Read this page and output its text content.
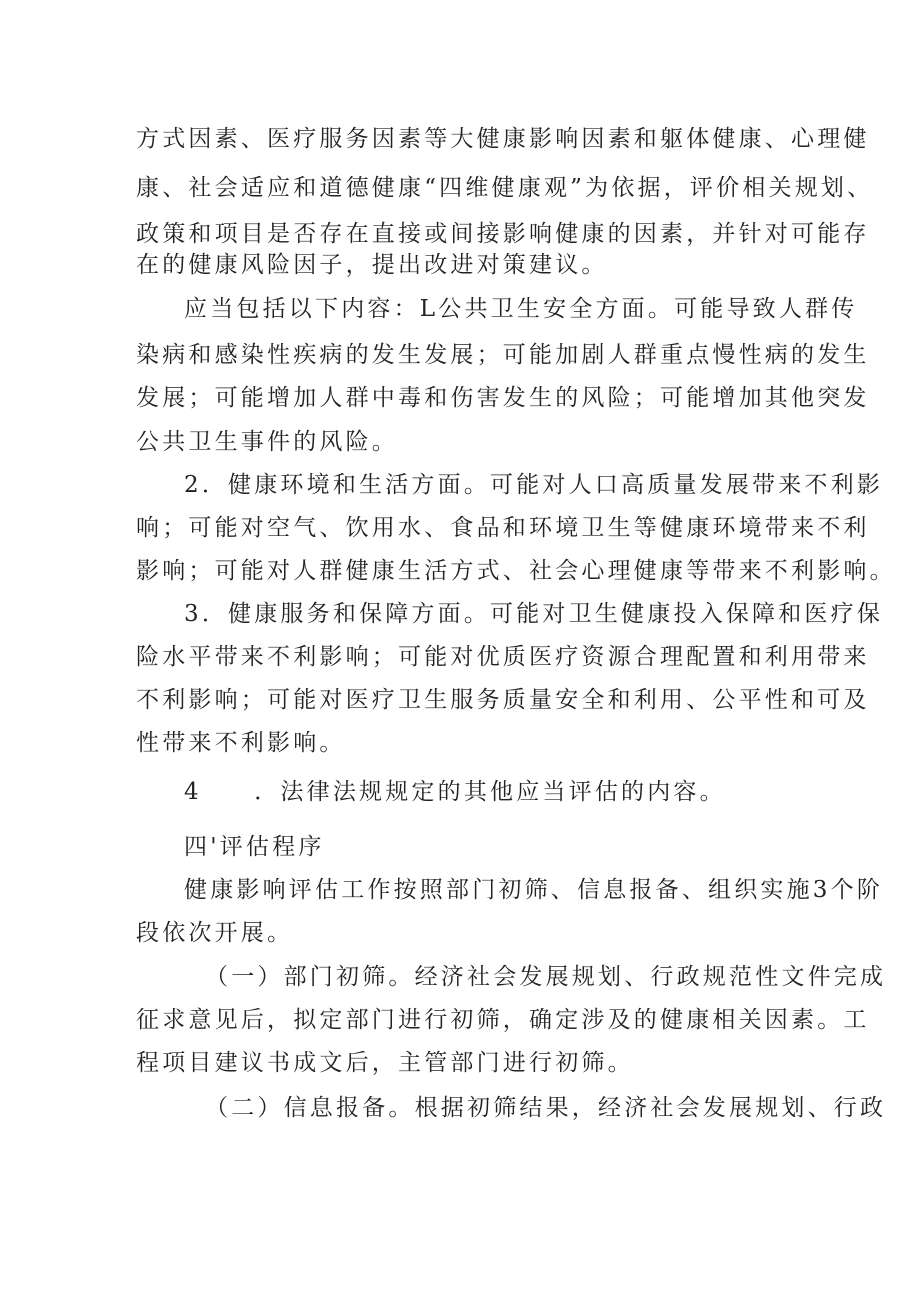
方式因素、医疗服务因素等大健康影响因素和躯体健康、心理健
康、社会适应和道德健康“四维健康观”为依据，评价相关规划、
政策和项目是否存在直接或间接影响健康的因素，并针对可能存
在的健康风险因子，提出改进对策建议。
应当包括以下内容：L公共卫生安全方面。可能导致人群传
染病和感染性疾病的发生发展；可能加剧人群重点慢性病的发生
发展；可能增加人群中毒和伤害发生的风险；可能增加其他突发
公共卫生事件的风险。
2．健康环境和生活方面。可能对人口高质量发展带来不利影
响；可能对空气、饮用水、食品和环境卫生等健康环境带来不利
影响；可能对人群健康生活方式、社会心理健康等带来不利影响。
3．健康服务和保障方面。可能对卫生健康投入保障和医疗保
险水平带来不利影响；可能对优质医疗资源合理配置和利用带来
不利影响；可能对医疗卫生服务质量安全和利用、公平性和可及
性带来不利影响。
4　　．法律法规规定的其他应当评估的内容。
四'评估程序
健康影响评估工作按照部门初筛、信息报备、组织实施3个阶
段依次开展。
（一）部门初筛。经济社会发展规划、行政规范性文件完成
征求意见后，拟定部门进行初筛，确定涉及的健康相关因素。工
程项目建议书成文后，主管部门进行初筛。
（二）信息报备。根据初筛结果，经济社会发展规划、行政
